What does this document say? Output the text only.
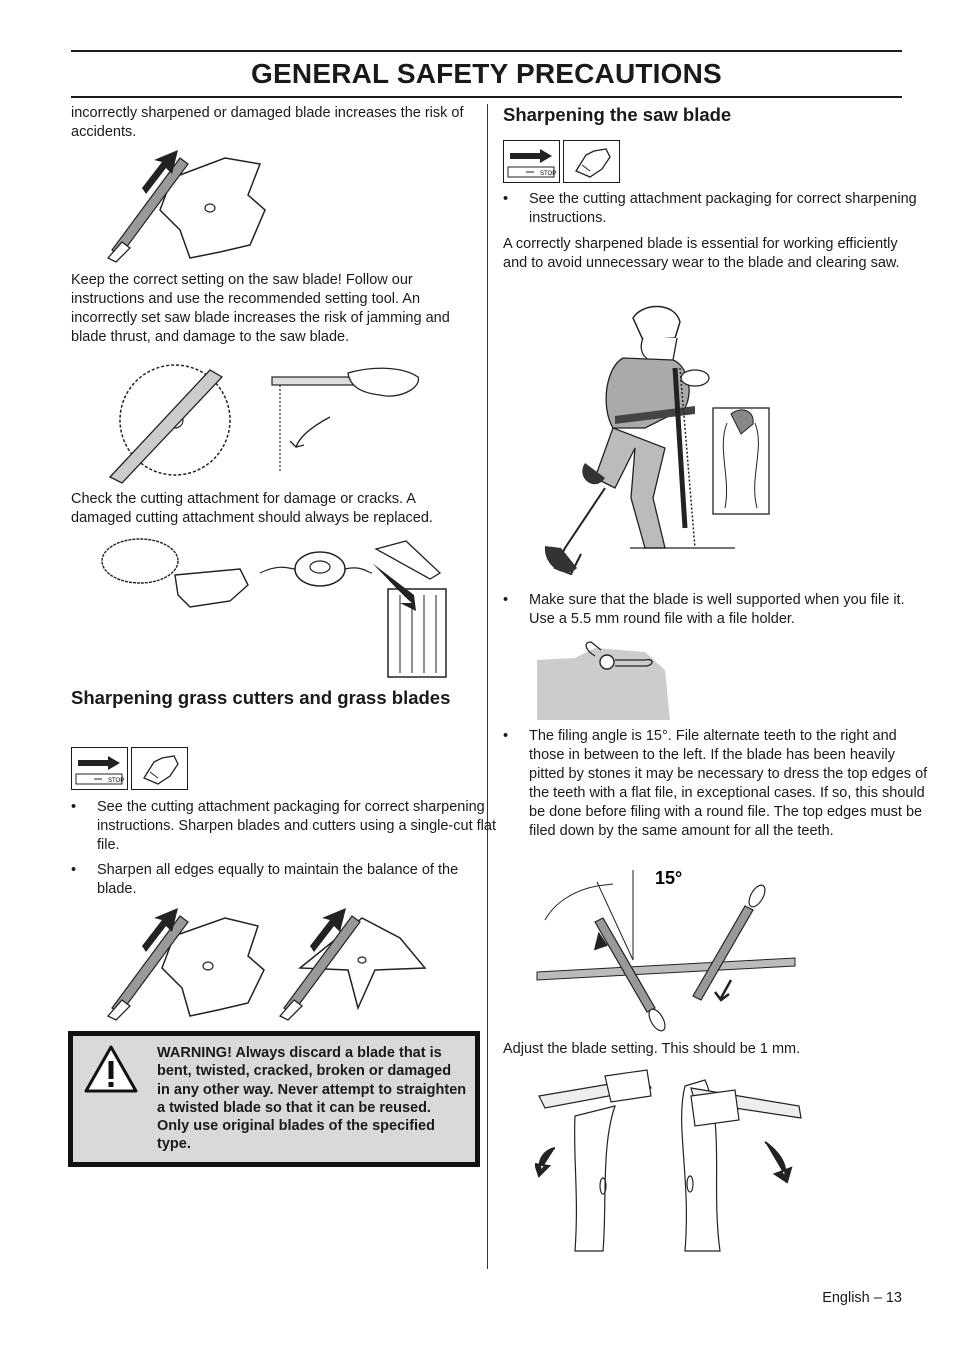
GENERAL SAFETY PRECAUTIONS

incorrectly sharpened or damaged blade increases the risk of accidents.

Keep the correct setting on the saw blade! Follow our instructions and use the recommended setting tool. An incorrectly set saw blade increases the risk of jamming and blade thrust, and damage to the saw blade.

Check the cutting attachment for damage or cracks. A damaged cutting attachment should always be replaced.

Sharpening grass cutters and grass blades

STOP
• See the cutting attachment packaging for correct sharpening instructions. Sharpen blades and cutters using a single-cut flat file.
• Sharpen all edges equally to maintain the balance of the blade.
WARNING! Always discard a blade that is bent, twisted, cracked, broken or damaged in any other way. Never attempt to straighten a twisted blade so that it can be reused. Only use original blades of the specified type.

Sharpening the saw blade

STOP
• See the cutting attachment packaging for correct sharpening instructions.

A correctly sharpened blade is essential for working efficiently and to avoid unnecessary wear to the blade and clearing saw.

• Make sure that the blade is well supported when you file it. Use a 5.5 mm round file with a file holder.
• The filing angle is 15°. File alternate teeth to the right and those in between to the left. If the blade has been heavily pitted by stones it may be necessary to dress the top edges of the teeth with a flat file, in exceptional cases. If so, this should be done before filing with a round file. The top edges must be filed down by the same amount for all the teeth.
15°

Adjust the blade setting. This should be 1 mm.

English – 13
